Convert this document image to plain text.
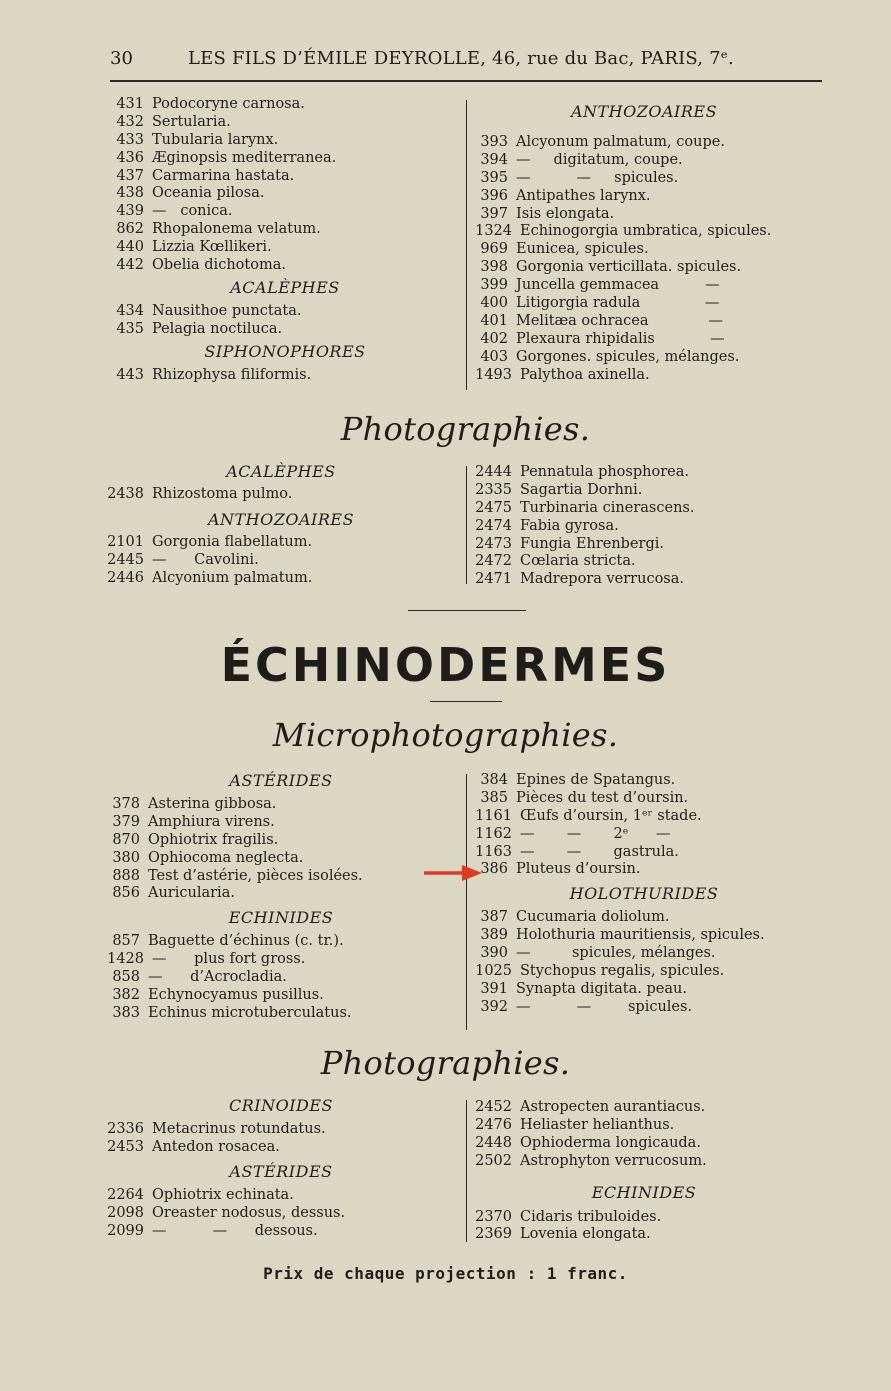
30	LES FILS D’ÉMILE DEYROLLE, 46, rue du Bac, PARIS, 7ᵉ.
431 Podocoryne carnosa.
432 Sertularia.
433 Tubularia larynx.
436 Æginopsis mediterranea.
437 Carmarina hastata.
438 Oceania pilosa.
439 —   conica.
862 Rhopalonema velatum.
440 Lizzia Kœllikeri.
442 Obelia dichotoma.
ACALÈPHES
434 Nausithoe punctata.
435 Pelagia noctiluca.
SIPHONOPHORES
443 Rhizophysa filiformis.
ANTHOZOAIRES
393 Alcyonum palmatum, coupe.
394 —     digitatum, coupe.
395 —          —     spicules.
396 Antipathes larynx.
397 Isis elongata.
1324 Echinogorgia umbratica, spicules.
969 Eunicea, spicules.
398 Gorgonia verticillata. spicules.
399 Juncella gemmacea          —
400 Litigorgia radula              —
401 Melitæa ochracea             —
402 Plexaura rhipidalis            —
403 Gorgones. spicules, mélanges.
1493 Palythoa axinella.
Photographies.
ACALÈPHES
2438 Rhizostoma pulmo.
ANTHOZOAIRES
2101 Gorgonia flabellatum.
2445 —      Cavolini.
2446 Alcyonium palmatum.
2444 Pennatula phosphorea.
2335 Sagartia Dorhni.
2475 Turbinaria cinerascens.
2474 Fabia gyrosa.
2473 Fungia Ehrenbergi.
2472 Cœlaria stricta.
2471 Madrepora verrucosa.
ÉCHINODERMES
Microphotographies.
ASTÉRIDES
378 Asterina gibbosa.
379 Amphiura virens.
870 Ophiotrix fragilis.
380 Ophiocoma neglecta.
888 Test d’astérie, pièces isolées.
856 Auricularia.
ECHINIDES
857 Baguette d’échinus (c. tr.).
1428 —      plus fort gross.
858 —      d’Acrocladia.
382 Echynocyamus pusillus.
383 Echinus microtuberculatus.
384 Epines de Spatangus.
385 Pièces du test d’oursin.
1161 Œufs d’oursin, 1ᵉʳ stade.
1162 —       —       2ᵉ      —
1163 —       —       gastrula.
386 Pluteus d’oursin.
HOLOTHURIDES
387 Cucumaria doliolum.
389 Holothuria mauritiensis, spicules.
390 —         spicules, mélanges.
1025 Stychopus regalis, spicules.
391 Synapta digitata. peau.
392 —          —        spicules.
Photographies.
CRINOIDES
2336 Metacrinus rotundatus.
2453 Antedon rosacea.
ASTÉRIDES
2264 Ophiotrix echinata.
2098 Oreaster nodosus, dessus.
2099 —          —      dessous.
2452 Astropecten aurantiacus.
2476 Heliaster helianthus.
2448 Ophioderma longicauda.
2502 Astrophyton verrucosum.
ECHINIDES
2370 Cidaris tribuloides.
2369 Lovenia elongata.
Prix de chaque projection : 1 franc.
